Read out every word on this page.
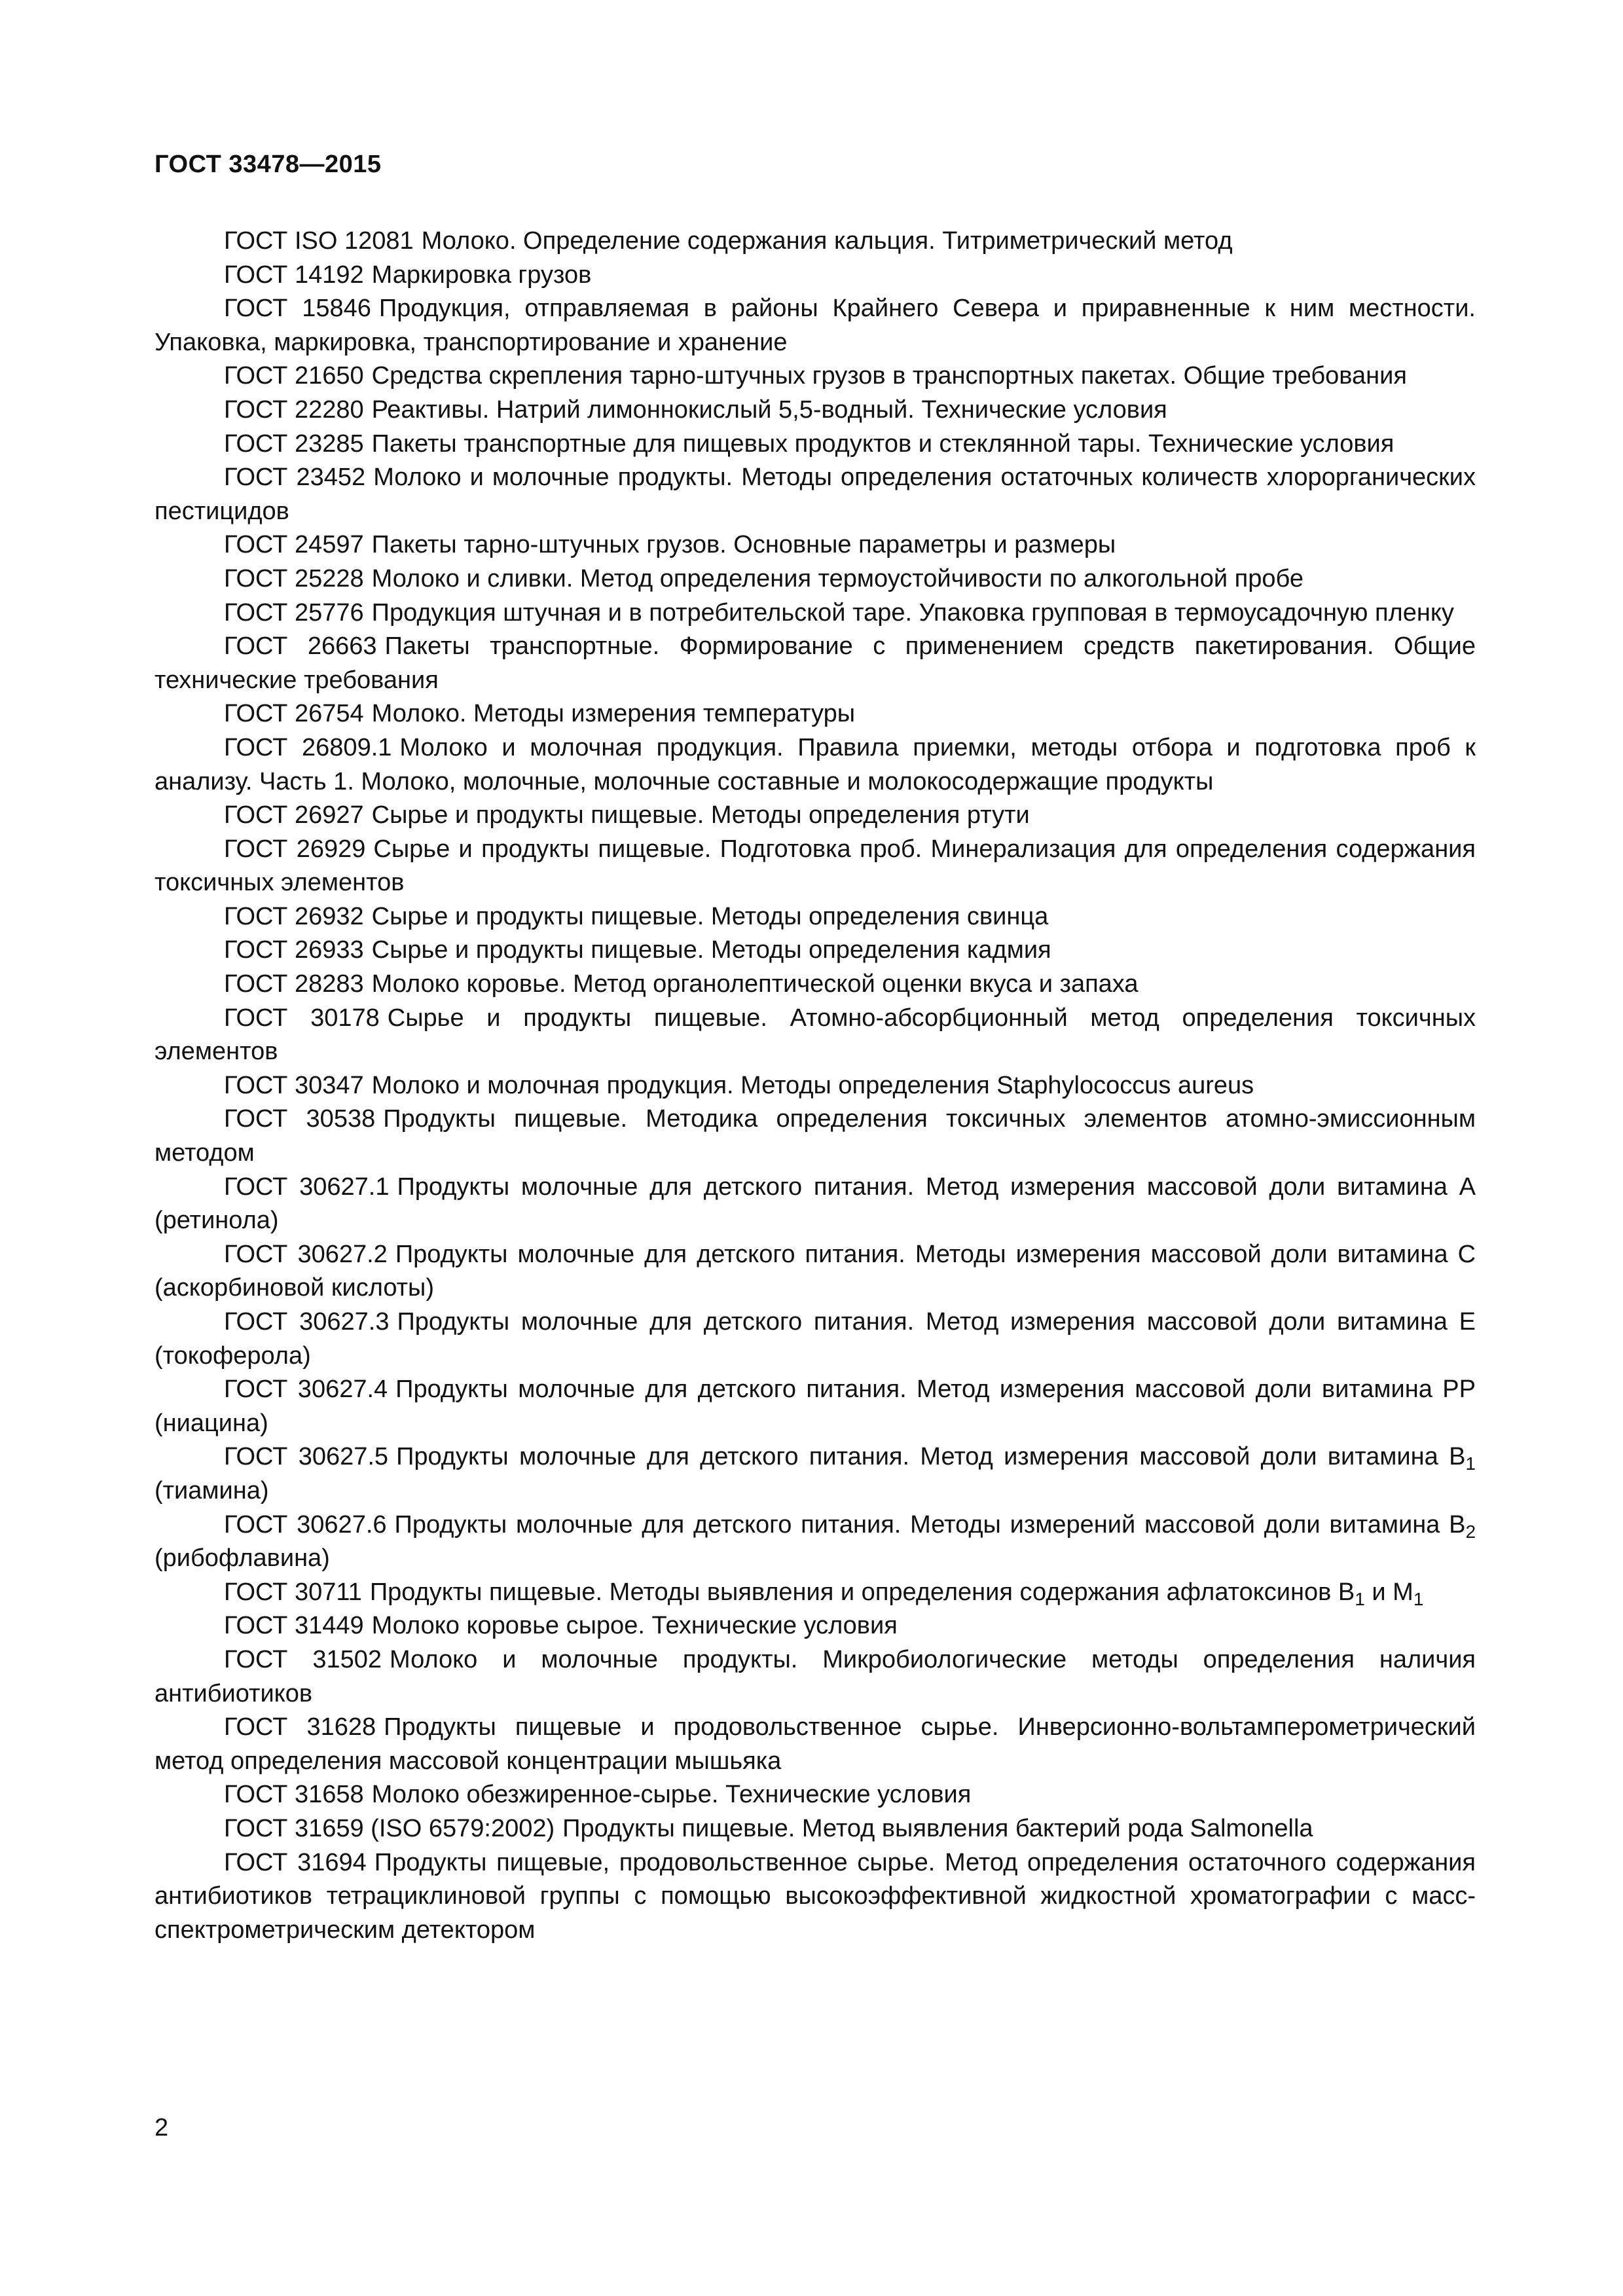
ГОСТ 33478—2015
ГОСТ ISO 12081 Молоко. Определение содержания кальция. Титриметрический метод
ГОСТ 14192 Маркировка грузов
ГОСТ 15846 Продукция, отправляемая в районы Крайнего Севера и приравненные к ним местности. Упаковка, маркировка, транспортирование и хранение
ГОСТ 21650 Средства скрепления тарно-штучных грузов в транспортных пакетах. Общие требования
ГОСТ 22280 Реактивы. Натрий лимоннокислый 5,5-водный. Технические условия
ГОСТ 23285 Пакеты транспортные для пищевых продуктов и стеклянной тары. Технические условия
ГОСТ 23452 Молоко и молочные продукты. Методы определения остаточных количеств хлорорганических пестицидов
ГОСТ 24597 Пакеты тарно-штучных грузов. Основные параметры и размеры
ГОСТ 25228 Молоко и сливки. Метод определения термоустойчивости по алкогольной пробе
ГОСТ 25776 Продукция штучная и в потребительской таре. Упаковка групповая в термоусадочную пленку
ГОСТ 26663 Пакеты транспортные. Формирование с применением средств пакетирования. Общие технические требования
ГОСТ 26754 Молоко. Методы измерения температуры
ГОСТ 26809.1 Молоко и молочная продукция. Правила приемки, методы отбора и подготовка проб к анализу. Часть 1. Молоко, молочные, молочные составные и молокосодержащие продукты
ГОСТ 26927 Сырье и продукты пищевые. Методы определения ртути
ГОСТ 26929 Сырье и продукты пищевые. Подготовка проб. Минерализация для определения содержания токсичных элементов
ГОСТ 26932 Сырье и продукты пищевые. Методы определения свинца
ГОСТ 26933 Сырье и продукты пищевые. Методы определения кадмия
ГОСТ 28283 Молоко коровье. Метод органолептической оценки вкуса и запаха
ГОСТ 30178 Сырье и продукты пищевые. Атомно-абсорбционный метод определения токсичных элементов
ГОСТ 30347 Молоко и молочная продукция. Методы определения Staphylococcus aureus
ГОСТ 30538 Продукты пищевые. Методика определения токсичных элементов атомно-эмиссионным методом
ГОСТ 30627.1 Продукты молочные для детского питания. Метод измерения массовой доли витамина А (ретинола)
ГОСТ 30627.2 Продукты молочные для детского питания. Методы измерения массовой доли витамина С (аскорбиновой кислоты)
ГОСТ 30627.3 Продукты молочные для детского питания. Метод измерения массовой доли витамина Е (токоферола)
ГОСТ 30627.4 Продукты молочные для детского питания. Метод измерения массовой доли витамина РР (ниацина)
ГОСТ 30627.5 Продукты молочные для детского питания. Метод измерения массовой доли витамина $В_1$ (тиамина)
ГОСТ 30627.6 Продукты молочные для детского питания. Методы измерений массовой доли витамина $В_2$ (рибофлавина)
ГОСТ 30711 Продукты пищевые. Методы выявления и определения содержания афлатоксинов $В_1$ и $М_1$
ГОСТ 31449 Молоко коровье сырое. Технические условия
ГОСТ 31502 Молоко и молочные продукты. Микробиологические методы определения наличия антибиотиков
ГОСТ 31628 Продукты пищевые и продовольственное сырье. Инверсионно-вольтамперометрический метод определения массовой концентрации мышьяка
ГОСТ 31658 Молоко обезжиренное-сырье. Технические условия
ГОСТ 31659 (ISO 6579:2002) Продукты пищевые. Метод выявления бактерий рода Salmonella
ГОСТ 31694 Продукты пищевые, продовольственное сырье. Метод определения остаточного содержания антибиотиков тетрациклиновой группы с помощью высокоэффективной жидкостной хроматографии с масс-спектрометрическим детектором
2
